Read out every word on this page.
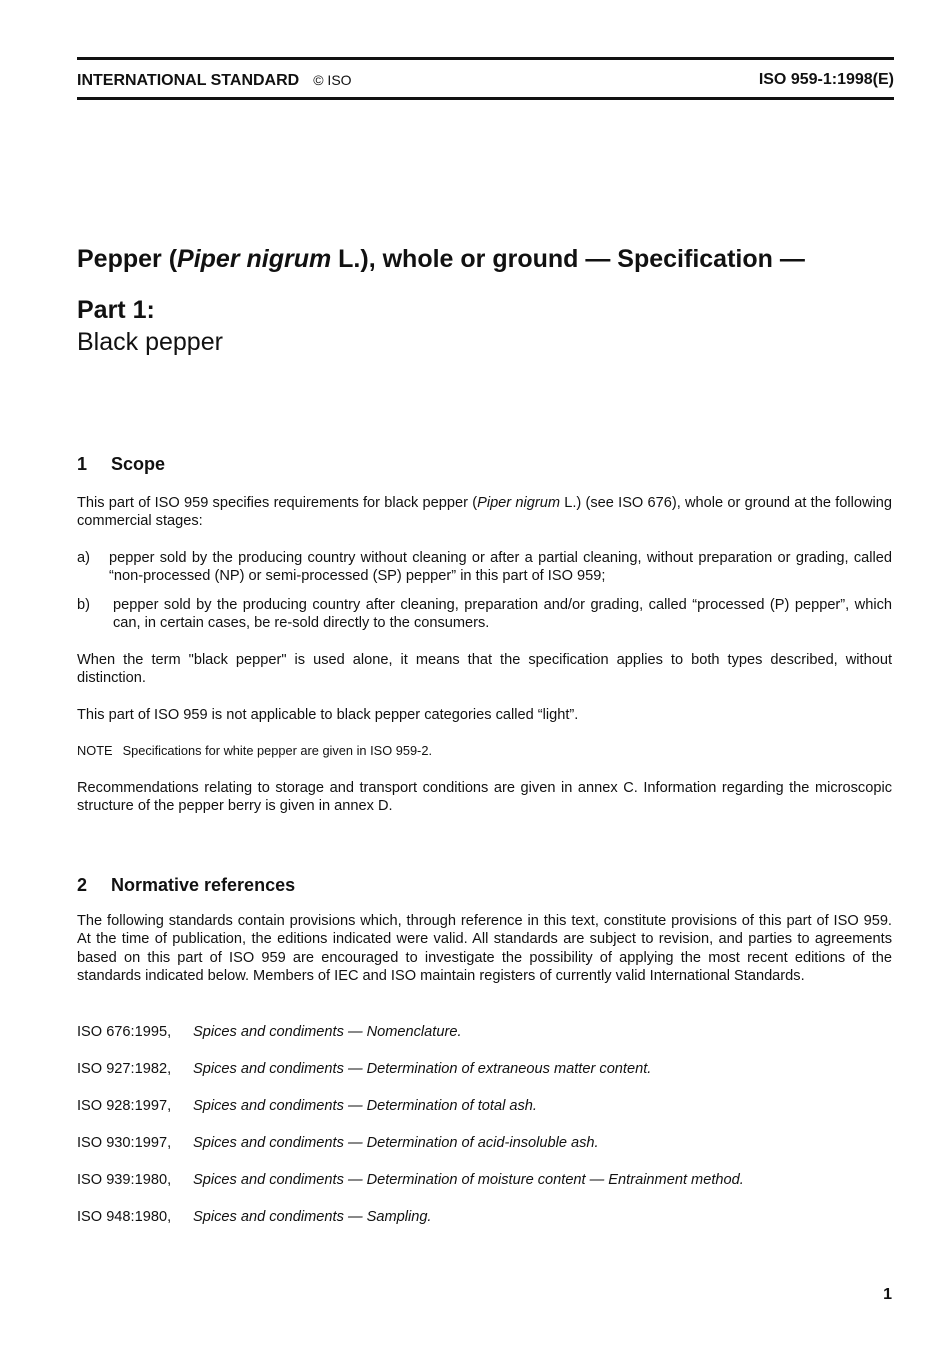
INTERNATIONAL STANDARD © ISO	ISO 959-1:1998(E)
Pepper (Piper nigrum L.), whole or ground — Specification —
Part 1:
Black pepper
1 Scope
This part of ISO 959 specifies requirements for black pepper (Piper nigrum L.) (see ISO 676), whole or ground at the following commercial stages:
a) pepper sold by the producing country without cleaning or after a partial cleaning, without preparation or grading, called “non-processed (NP) or semi-processed (SP) pepper” in this part of ISO 959;
b) pepper sold by the producing country after cleaning, preparation and/or grading, called “processed (P) pepper”, which can, in certain cases, be re-sold directly to the consumers.
When the term "black pepper" is used alone, it means that the specification applies to both types described, without distinction.
This part of ISO 959 is not applicable to black pepper categories called “light”.
NOTE Specifications for white pepper are given in ISO 959-2.
Recommendations relating to storage and transport conditions are given in annex C. Information regarding the microscopic structure of the pepper berry is given in annex D.
2 Normative references
The following standards contain provisions which, through reference in this text, constitute provisions of this part of ISO 959. At the time of publication, the editions indicated were valid. All standards are subject to revision, and parties to agreements based on this part of ISO 959 are encouraged to investigate the possibility of applying the most recent editions of the standards indicated below. Members of IEC and ISO maintain registers of currently valid International Standards.
ISO 676:1995, Spices and condiments — Nomenclature.
ISO 927:1982, Spices and condiments — Determination of extraneous matter content.
ISO 928:1997, Spices and condiments — Determination of total ash.
ISO 930:1997, Spices and condiments — Determination of acid-insoluble ash.
ISO 939:1980, Spices and condiments — Determination of moisture content — Entrainment method.
ISO 948:1980, Spices and condiments — Sampling.
1
